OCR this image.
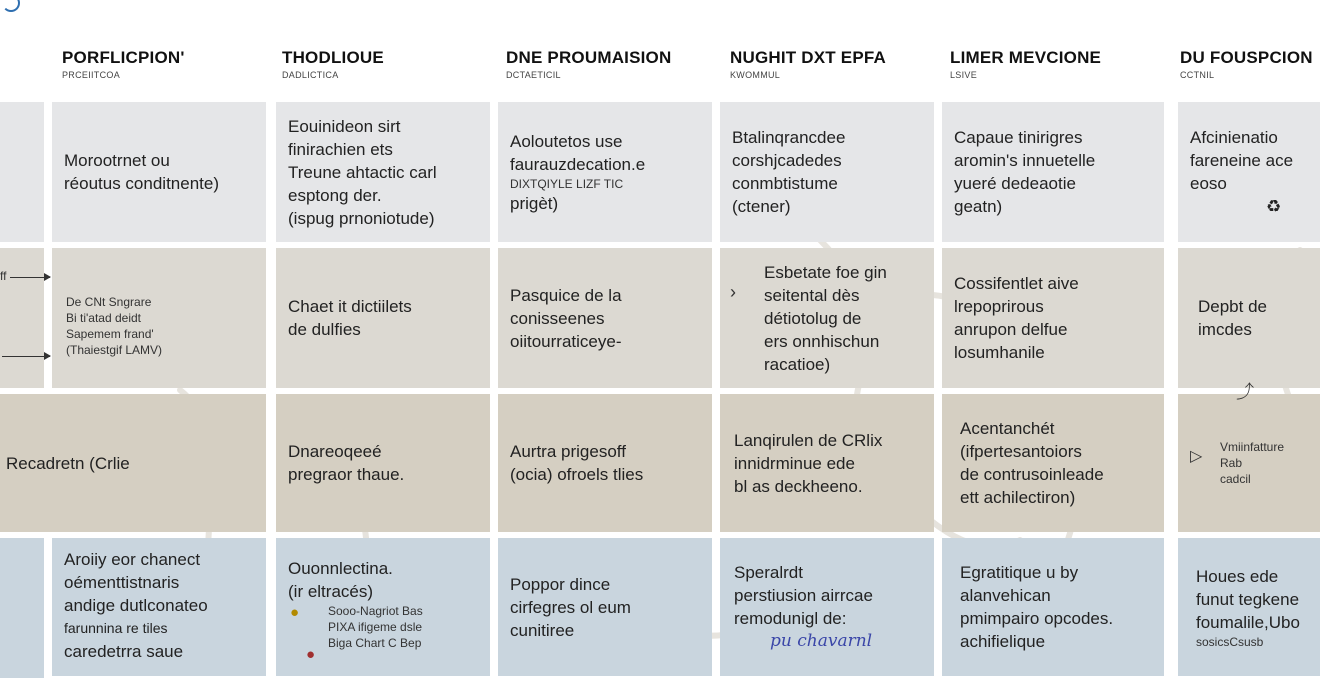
PORFLICPION'
PRCEIITCOA
THODLIOUE
DADLICTICA
DNE PROUMAISION
DCTAETICIL
NUGHIT DXT EPFA
KWOMMUL
LIMER MEVCIONE
LSIVE
DU FOUSPCION
CCTNIL
Morootrnet ou
réoutus conditnente)
Eouinideon sirt
finirachien ets
Treune ahtactic carl
esptong der.
(ispug prnoniotude)
Aoloutetos use
faurauzdecation.e
DIXTQIYLE LIZF TIC
prigèt)
Btalinqrancdee
corshjcadedes
conmbtistume
(ctener)
Capaue tinirigres
aromin's innuetelle
yueré dedeaotie
geatn)
Afcinienatio
fareneine ace
eoso
♻
ff
De CNt Sngrare
Bi ti'atad deidt
Sapemem frand'
(Thaiestgif LAMV)
Chaet it dictiilets
de dulfies
Pasquice de la
conisseenes
oiitourraticeye-
Esbetate foe gin
seitental dès
détiotolug de
ers onnhischun
racatioe)
›	Cossifentlet aive
lrepoprirous
anrupon delfue
losumhanile
Depbt de
imcdes
Recadretn (Crlie
Dnareoqeeé
pregraor thaue.
Aurtra prigesoff
(ocia) ofroels tlies
Lanqirulen de CRlix
innidrminue ede
bl as deckheeno.
Acentanchét
(ifpertesantoiors
de contrusoinleade
ett achilectiron)
Vmiinfatture
Rab
cadcil
▷
⤴
Aroiiy eor chanect
oémenttistnaris
andige dutlconateo
farunnina re tiles
caredetrra saue
Ouonnlectina.
(ir eltracés)
Sooo-Nagriot Bas
PIXA ifigeme dsle
Biga Chart C Bep
●
●
Poppor dince
cirfegres ol eum
cunitiree
Speralrdt
perstiusion airrcae
remodunigl de:
pu chavarnl
Egratitique u by
alanvehican
pmimpairo opcodes.
achifielique
Houes ede
funut tegkene
foumalile,Ubo
sosicsCsusb
